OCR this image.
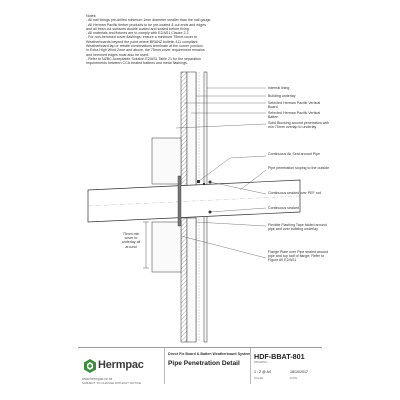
Notes:
- All nail fixings pre-drilled minimum 1mm diameter smaller than the nail gauge.
- All Herman Pacific timber products to be pre-coated & cut ends and edges
and all fresh cut surfaces double coated and sealed before fixing.
- All materials and fixtures are to comply with E2/AS1 Clause 2.2.
- For non-hemmed cover flashings: ensure a minimum 75mm cover to
Weatherboards beyond the point where BRANZ bulletin 411 compliant
Weatherboard lap or rebate combinations terminate at the corner junction.
In Extra High Wind Zone and above, the 75mm cover requirement remains
and hemmed edges must also be used.
- Refer to NZBC Acceptable Solution E2/AS1 Table 21 for the separation
requirements between CCA treated battens and metal flashings.
Internal lining
Building underlay
Selected Herman Pacific Vertical Board
Selected Herman Pacific Vertical Batten
Solid Blocking around penetration with min 75mm overlap to underlay
Continuous Air Seal around Pipe
Pipe penetration sloping to the outside
Continuous sealant over PEF rod
Continuous sealant
Flexible Flashing Tape folded around pipe and over building underlay
Flange Plate over Pipe sealed around pipe and top half of flange. Refer to Figure 60 E2/AS1
75mm min cover to underlay all around
Hermpac
www.hermpac.co.nz
SUBJECT TO CHANGE WITHOUT NOTICE
Direct Fix Board & Batten Weatherboard System
Pipe Penetration Detail
HDF-BBAT-801
DRAWING
1 : 2 @ A4
SCALE
18/10/2017
DATE
